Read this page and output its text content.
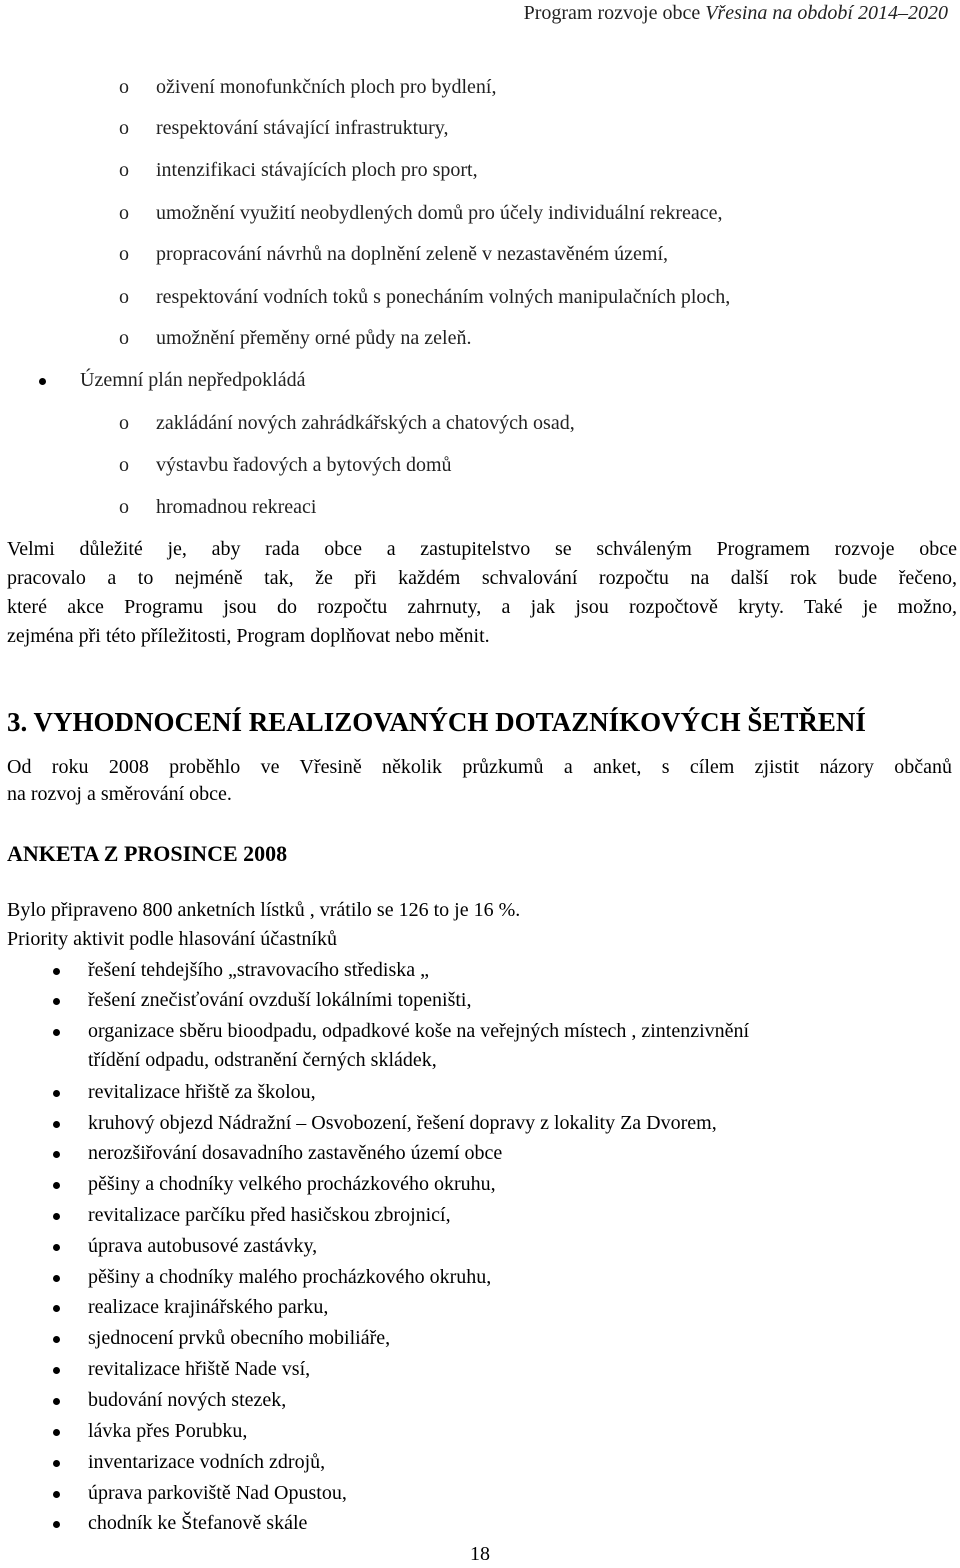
Program rozvoje obce Vřesina na období 2014–2020
o oživení monofunkčních ploch pro bydlení,
o respektování stávající infrastruktury,
o intenzifikaci stávajících ploch pro sport,
o umožnění využití neobydlených domů pro účely individuální rekreace,
o propracování návrhů na doplnění zeleně v nezastavěném území,
o respektování vodních toků s ponecháním volných manipulačních ploch,
o umožnění přeměny orné půdy na zeleň.
Územní plán nepředpokládá
o zakládání nových zahrádkářských a chatových osad,
o výstavbu řadových a bytových domů
o hromadnou rekreaci
Velmi důležité je, aby rada obce a zastupitelstvo se schváleným Programem rozvoje obce
pracovalo a to nejméně tak, že při každém schvalování rozpočtu na další rok bude řečeno,
které akce Programu jsou do rozpočtu zahrnuty, a jak jsou rozpočtově kryty. Také je možno,
zejména při této příležitosti, Program doplňovat nebo měnit.
3. VYHODNOCENÍ REALIZOVANÝCH DOTAZNÍKOVÝCH ŠETŘENÍ
Od roku 2008 proběhlo ve Vřesině několik průzkumů a anket, s cílem zjistit názory občanů
na rozvoj a směrování obce.
ANKETA Z PROSINCE 2008
Bylo připraveno 800 anketních lístků , vrátilo se 126 to je 16 %.
Priority aktivit podle hlasování účastníků
řešení tehdejšího „stravovacího střediska „
řešení znečisťování ovzduší lokálními topeništi,
organizace sběru bioodpadu, odpadkové koše na veřejných místech , zintenzivnění
třídění odpadu, odstranění černých skládek,
revitalizace hřiště za školou,
kruhový objezd Nádražní – Osvobození, řešení dopravy z lokality Za Dvorem,
nerozšiřování dosavadního zastavěného území obce
pěšiny a chodníky velkého procházkového okruhu,
revitalizace parčíku před hasičskou zbrojnicí,
úprava autobusové zastávky,
pěšiny a chodníky malého procházkového okruhu,
realizace krajinářského parku,
sjednocení prvků obecního mobiliáře,
revitalizace hřiště Nade vsí,
budování nových stezek,
lávka přes Porubku,
inventarizace vodních zdrojů,
úprava parkoviště Nad Opustou,
chodník ke Štefanově skále
18
